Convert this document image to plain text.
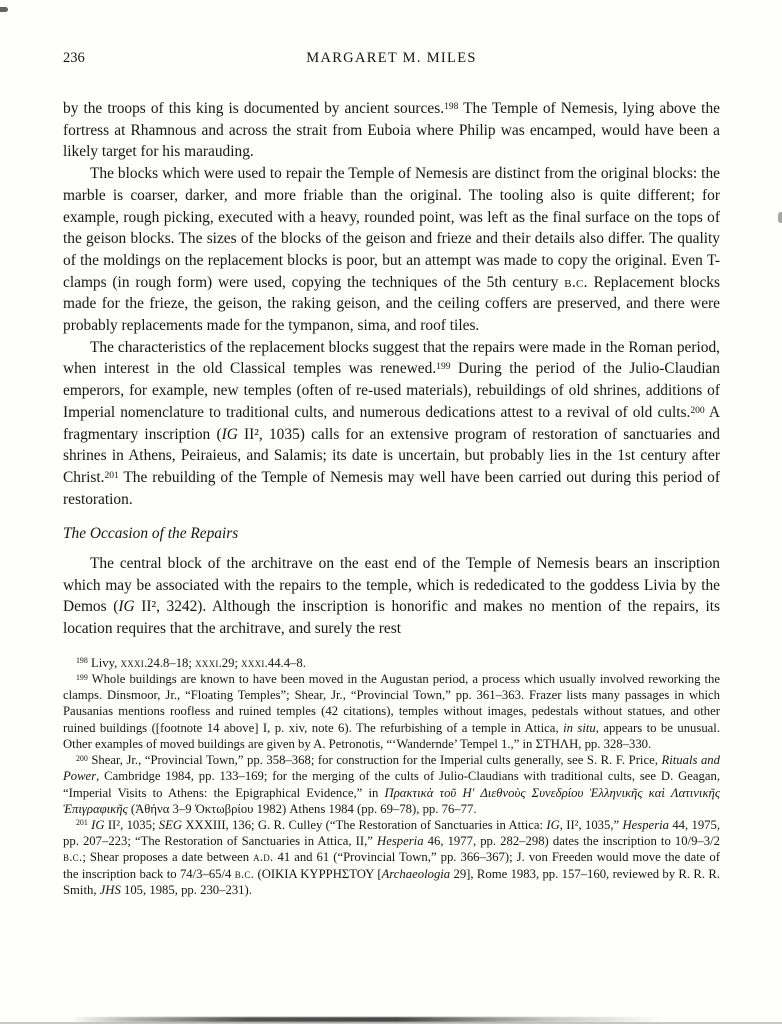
236	MARGARET M. MILES

by the troops of this king is documented by ancient sources.$^{198}$ The Temple of Nemesis, lying above the fortress at Rhamnous and across the strait from Euboia where Philip was encamped, would have been a likely target for his marauding.

The blocks which were used to repair the Temple of Nemesis are distinct from the original blocks: the marble is coarser, darker, and more friable than the original. The tooling also is quite different; for example, rough picking, executed with a heavy, rounded point, was left as the final surface on the tops of the geison blocks. The sizes of the blocks of the geison and frieze and their details also differ. The quality of the moldings on the replacement blocks is poor, but an attempt was made to copy the original. Even T-clamps (in rough form) were used, copying the techniques of the 5th century b.c. Replacement blocks made for the frieze, the geison, the raking geison, and the ceiling coffers are preserved, and there were probably replacements made for the tympanon, sima, and roof tiles.

The characteristics of the replacement blocks suggest that the repairs were made in the Roman period, when interest in the old Classical temples was renewed.$^{199}$ During the period of the Julio-Claudian emperors, for example, new temples (often of re-used materials), rebuildings of old shrines, additions of Imperial nomenclature to traditional cults, and numerous dedications attest to a revival of old cults.$^{200}$ A fragmentary inscription (IG II², 1035) calls for an extensive program of restoration of sanctuaries and shrines in Athens, Peiraieus, and Salamis; its date is uncertain, but probably lies in the 1st century after Christ.$^{201}$ The rebuilding of the Temple of Nemesis may well have been carried out during this period of restoration.

The Occasion of the Repairs

The central block of the architrave on the east end of the Temple of Nemesis bears an inscription which may be associated with the repairs to the temple, which is rededicated to the goddess Livia by the Demos (IG II², 3242). Although the inscription is honorific and makes no mention of the repairs, its location requires that the architrave, and surely the rest

$^{198}$ Livy, xxxi.24.8–18; xxxi.29; xxxi.44.4–8.

$^{199}$ Whole buildings are known to have been moved in the Augustan period, a process which usually involved reworking the clamps. Dinsmoor, Jr., “Floating Temples”; Shear, Jr., “Provincial Town,” pp. 361–363. Frazer lists many passages in which Pausanias mentions roofless and ruined temples (42 citations), temples without images, pedestals without statues, and other ruined buildings ([footnote 14 above] I, p. xiv, note 6). The refurbishing of a temple in Attica, in situ, appears to be unusual. Other examples of moved buildings are given by A. Petronotis, “‘Wandernde’ Tempel 1.,” in ΣΤΗΛΗ, pp. 328–330.

$^{200}$ Shear, Jr., “Provincial Town,” pp. 358–368; for construction for the Imperial cults generally, see S. R. F. Price, Rituals and Power, Cambridge 1984, pp. 133–169; for the merging of the cults of Julio-Claudians with traditional cults, see D. Geagan, “Imperial Visits to Athens: the Epigraphical Evidence,” in Πρακτικὰ τοῦ Η′ Διεθνοὺς Συνεδρίου Ἑλληνικῆς καὶ Λατινικῆς Ἐπιγραφικῆς (Ἀθήνα 3–9 Ὀκτωβρίου 1982) Athens 1984 (pp. 69–78), pp. 76–77.

$^{201}$ IG II², 1035; SEG XXXIII, 136; G. R. Culley (“The Restoration of Sanctuaries in Attica: IG, II², 1035,” Hesperia 44, 1975, pp. 207–223; “The Restoration of Sanctuaries in Attica, II,” Hesperia 46, 1977, pp. 282–298) dates the inscription to 10/9–3/2 b.c.; Shear proposes a date between a.d. 41 and 61 (“Provincial Town,” pp. 366–367); J. von Freeden would move the date of the inscription back to 74/3–65/4 b.c. (ΟΙΚΙΑ ΚΥΡΡΗΣΤΟΥ [Archaeologia 29], Rome 1983, pp. 157–160, reviewed by R. R. R. Smith, JHS 105, 1985, pp. 230–231).
